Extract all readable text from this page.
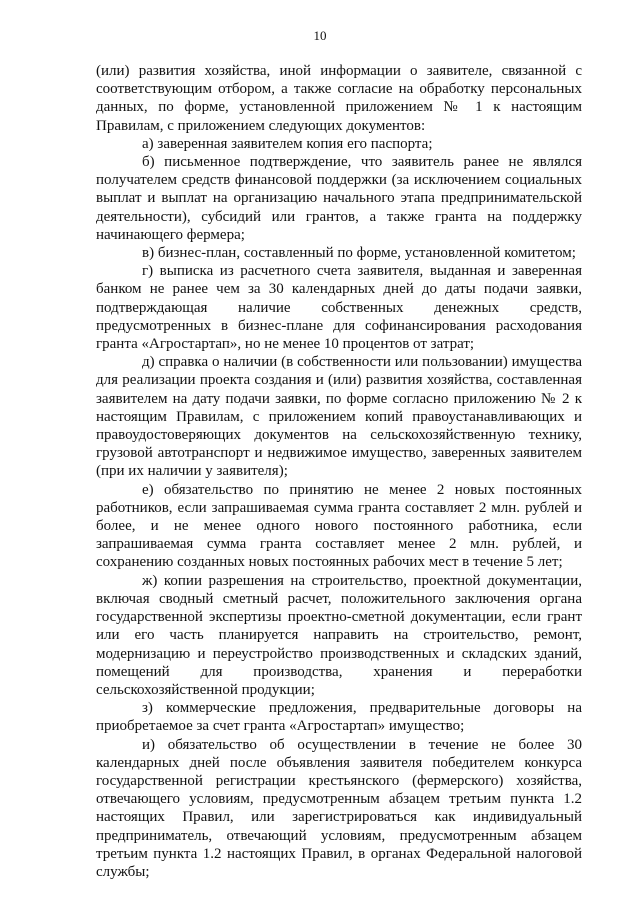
10

(или) развития хозяйства, иной информации о заявителе, связанной с соответствующим отбором, а также согласие на обработку персональных данных, по форме, установленной приложением № 1 к настоящим Правилам, с приложением следующих документов:

а) заверенная заявителем копия его паспорта;

б) письменное подтверждение, что заявитель ранее не являлся получателем средств финансовой поддержки (за исключением социальных выплат и выплат на организацию начального этапа предпринимательской деятельности), субсидий или грантов, а также гранта на поддержку начинающего фермера;

в) бизнес-план, составленный по форме, установленной комитетом;

г) выписка из расчетного счета заявителя, выданная и заверенная банком не ранее чем за 30 календарных дней до даты подачи заявки, подтверждающая наличие собственных денежных средств, предусмотренных в бизнес-плане для софинансирования расходования гранта «Агростартап», но не менее 10 процентов от затрат;

д) справка о наличии (в собственности или пользовании) имущества для реализации проекта создания и (или) развития хозяйства, составленная заявителем на дату подачи заявки, по форме согласно приложению № 2 к настоящим Правилам, с приложением копий правоустанавливающих и правоудостоверяющих документов на сельскохозяйственную технику, грузовой автотранспорт и недвижимое имущество, заверенных заявителем (при их наличии у заявителя);

е) обязательство по принятию не менее 2 новых постоянных работников, если запрашиваемая сумма гранта составляет 2 млн. рублей и более, и не менее одного нового постоянного работника, если запрашиваемая сумма гранта составляет менее 2 млн. рублей, и сохранению созданных новых постоянных рабочих мест в течение 5 лет;

ж) копии разрешения на строительство, проектной документации, включая сводный сметный расчет, положительного заключения органа государственной экспертизы проектно-сметной документации, если грант или его часть планируется направить на строительство, ремонт, модернизацию и переустройство производственных и складских зданий, помещений для производства, хранения и переработки сельскохозяйственной продукции;

з) коммерческие предложения, предварительные договоры на приобретаемое за счет гранта «Агростартап» имущество;

и) обязательство об осуществлении в течение не более 30 календарных дней после объявления заявителя победителем конкурса государственной регистрации крестьянского (фермерского) хозяйства, отвечающего условиям, предусмотренным абзацем третьим пункта 1.2 настоящих Правил, или зарегистрироваться как индивидуальный предприниматель, отвечающий условиям, предусмотренным абзацем третьим пункта 1.2 настоящих Правил, в органах Федеральной налоговой службы;
